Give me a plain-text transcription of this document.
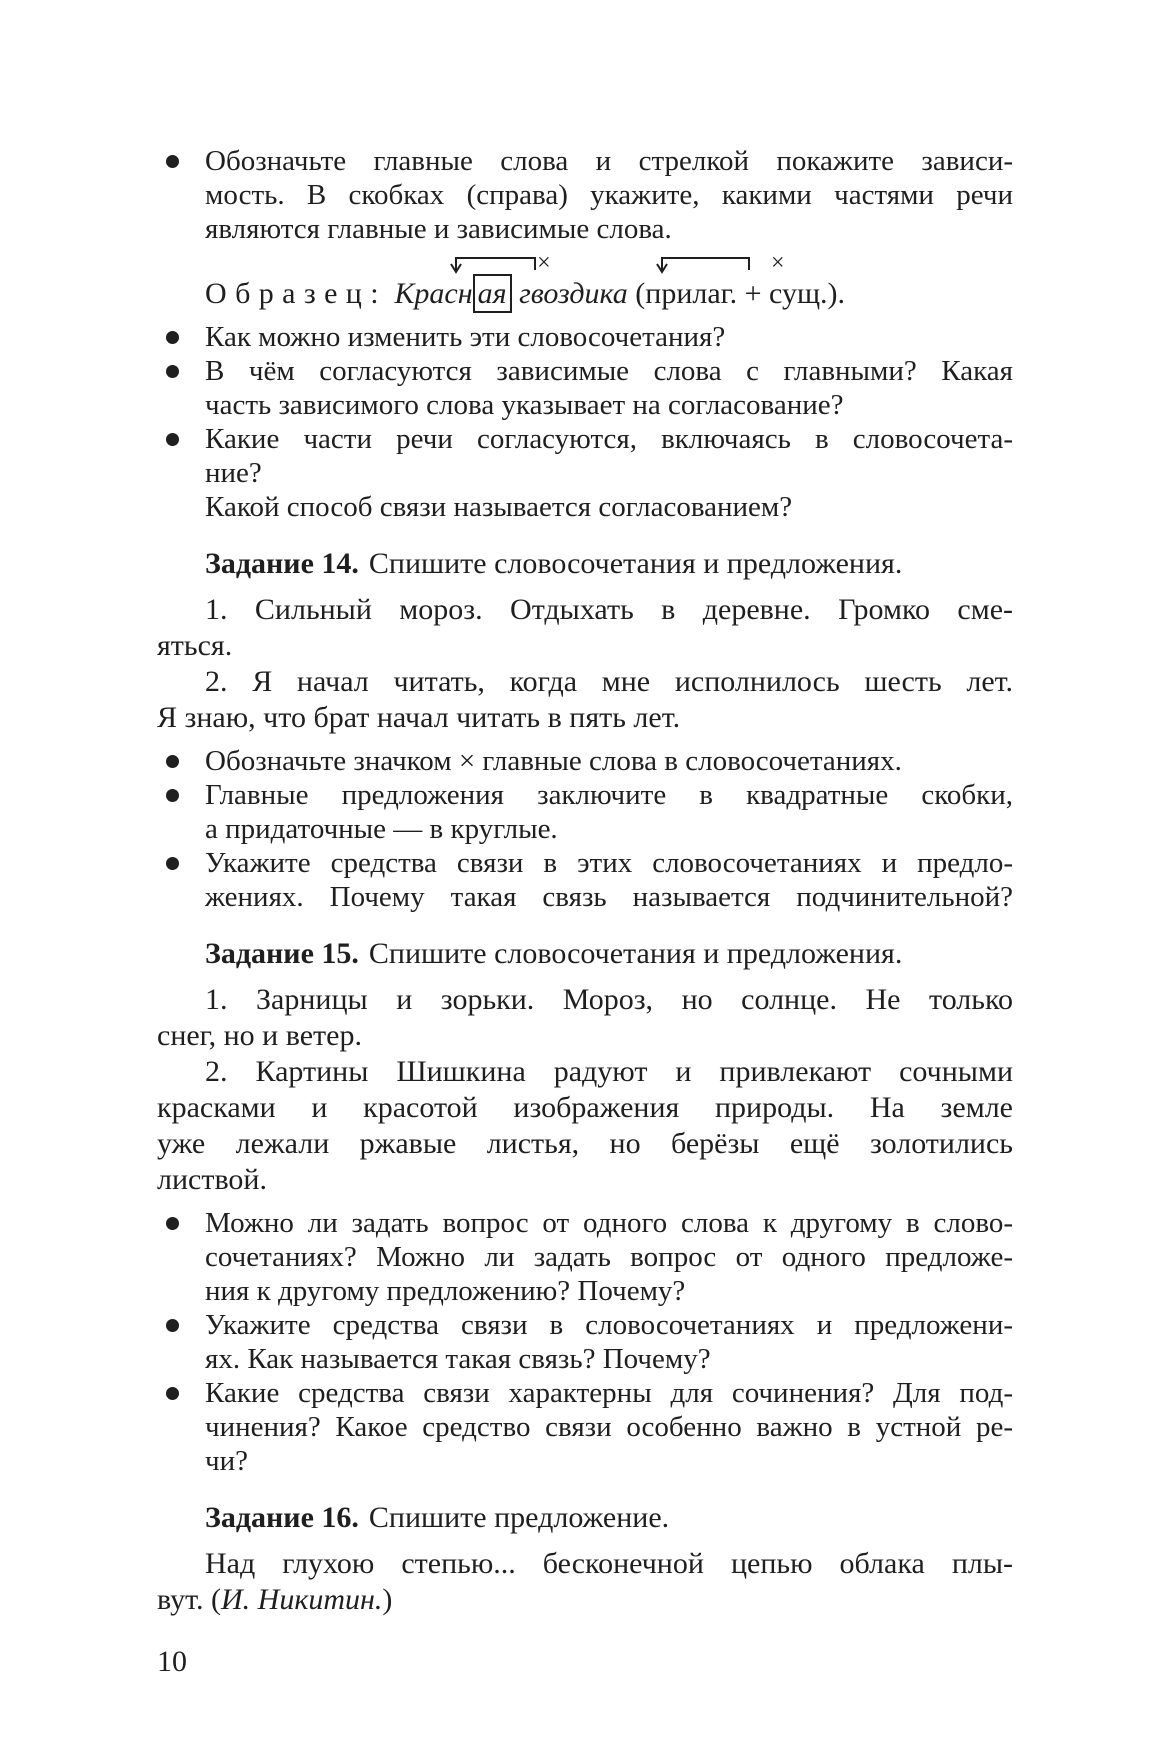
Обозначьте главные слова и стрелкой покажите зависи-
мость. В скобках (справа) укажите, какими частями речи
являются главные и зависимые слова.
Образец: Красн ая
×
гвоздика (прилаг. +
×
сущ.).
Как можно изменить эти словосочетания?
В чём согласуются зависимые слова с главными? Какая
часть зависимого слова указывает на согласование?
Какие части речи согласуются, включаясь в словосочета-
ние?
Какой способ связи называется согласованием?
Задание 14. Спишите словосочетания и предложения.
1. Сильный мороз. Отдыхать в деревне. Громко сме-
яться.
2. Я начал читать, когда мне исполнилось шесть лет.
Я знаю, что брат начал читать в пять лет.
Обозначьте значком × главные слова в словосочетаниях.
Главные предложения заключите в квадратные скобки,
а придаточные — в круглые.
Укажите средства связи в этих словосочетаниях и предло-
жениях. Почему такая связь называется подчинительной?
Задание 15. Спишите словосочетания и предложения.
1. Зарницы и зорьки. Мороз, но солнце. Не только
снег, но и ветер.
2. Картины Шишкина радуют и привлекают сочными
красками и красотой изображения природы. На земле
уже лежали ржавые листья, но берёзы ещё золотились
листвой.
Можно ли задать вопрос от одного слова к другому в слово-
сочетаниях? Можно ли задать вопрос от одного предложе-
ния к другому предложению? Почему?
Укажите средства связи в словосочетаниях и предложени-
ях. Как называется такая связь? Почему?
Какие средства связи характерны для сочинения? Для под-
чинения? Какое средство связи особенно важно в устной ре-
чи?
Задание 16. Спишите предложение.
Над глухою степью... бесконечной цепью облака плы-
вут. (И. Никитин.)
10
